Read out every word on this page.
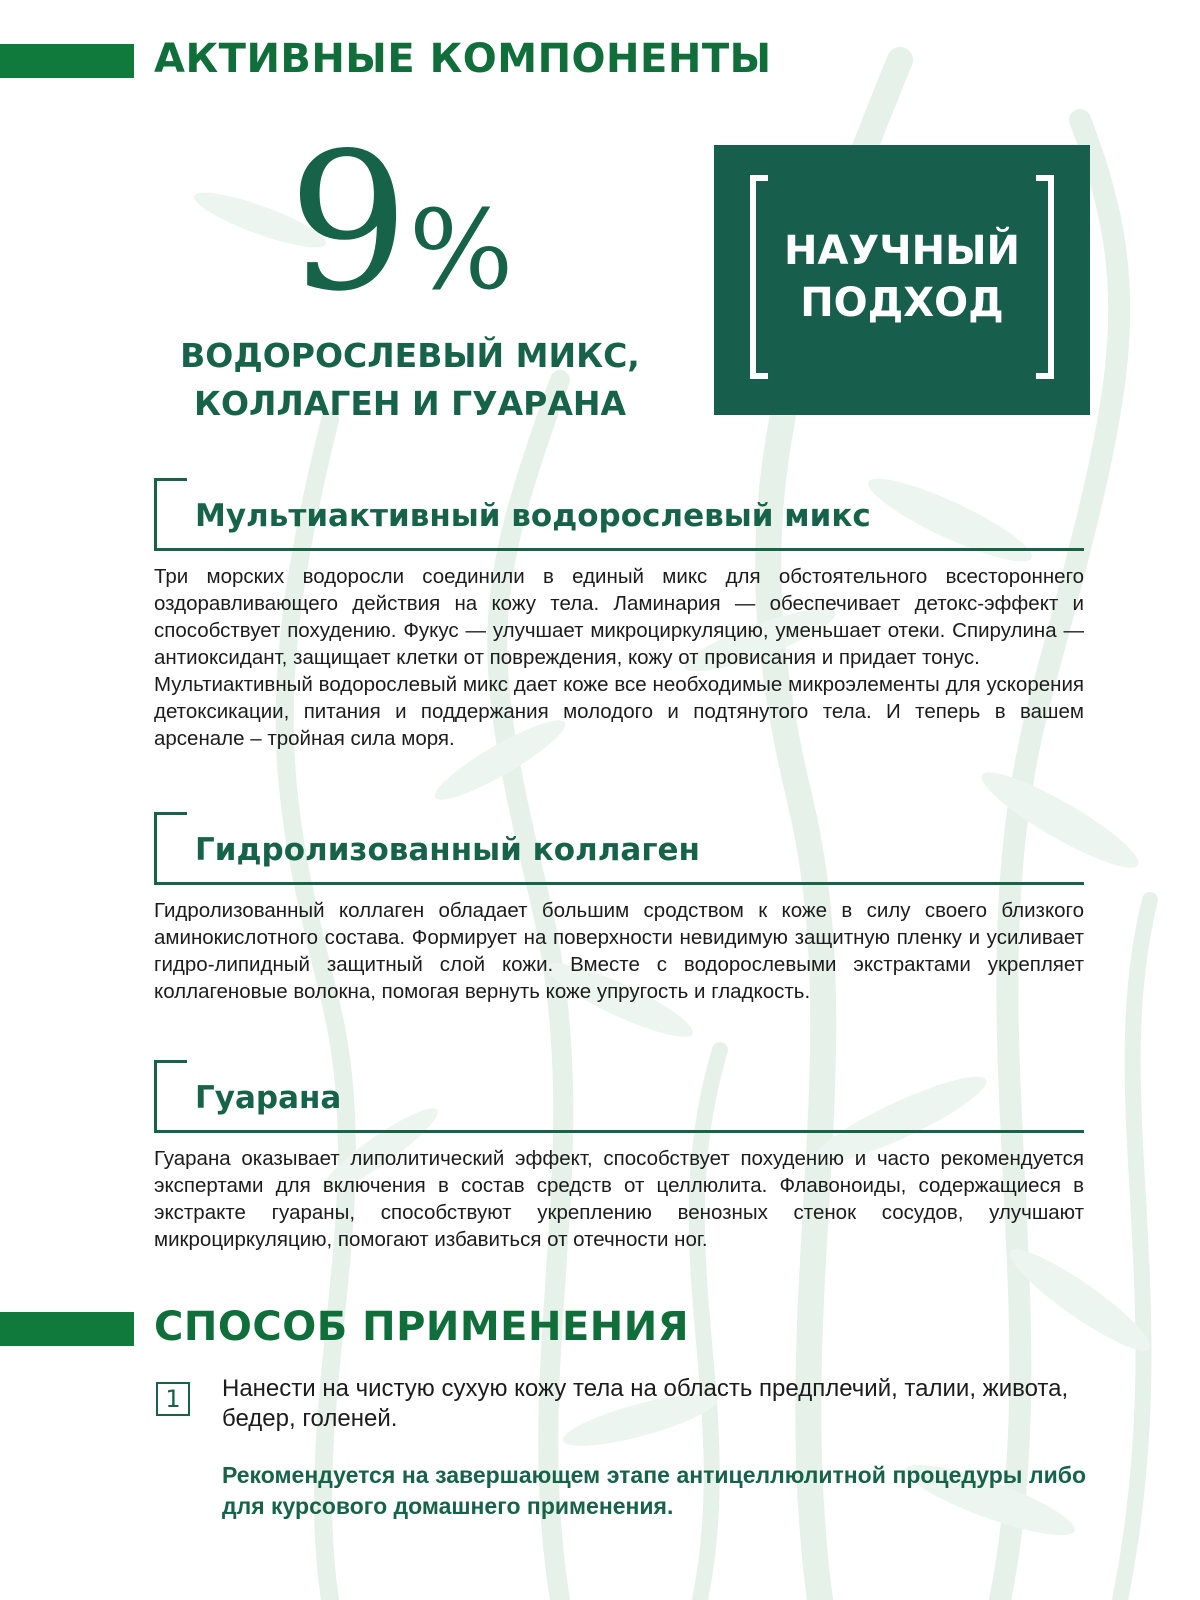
АКТИВНЫЕ КОМПОНЕНТЫ
9%
ВОДОРОСЛЕВЫЙ МИКС,
КОЛЛАГЕН И ГУАРАНА
НАУЧНЫЙ
ПОДХОД
Мультиактивный водорослевый микс

Три морских водоросли соединили в единый микс для обстоятельного всестороннего оздоравливающего действия на кожу тела. Ламинария — обеспечивает детокс-эффект и способствует похудению. Фукус — улучшает микроциркуляцию, уменьшает отеки. Спирулина — антиоксидант, защищает клетки от повреждения, кожу от провисания и придает тонус.

Мультиактивный водорослевый микс дает коже все необходимые микроэлементы для ускорения детоксикации, питания и поддержания молодого и подтянутого тела. И теперь в вашем арсенале – тройная сила моря.

Гидролизованный коллаген

Гидролизованный коллаген обладает большим сродством к коже в силу своего близкого аминокислотного состава. Формирует на поверхности невидимую защитную пленку и усиливает гидро-липидный защитный слой кожи. Вместе с водорослевыми экстрактами укрепляет коллагеновые волокна, помогая вернуть коже упругость и гладкость.

Гуарана

Гуарана оказывает липолитический эффект, способствует похудению и часто рекомендуется экспертами для включения в состав средств от целлюлита. Флавоноиды, содержащиеся в экстракте гуараны, способствуют укреплению венозных стенок сосудов, улучшают микроциркуляцию, помогают избавиться от отечности ног.

СПОСОБ ПРИМЕНЕНИЯ
1	Нанести на чистую сухую кожу тела на область предплечий, талии, живота, бедер, голеней.

Рекомендуется на завершающем этапе антицеллюлитной процедуры либо для курсового домашнего применения.
